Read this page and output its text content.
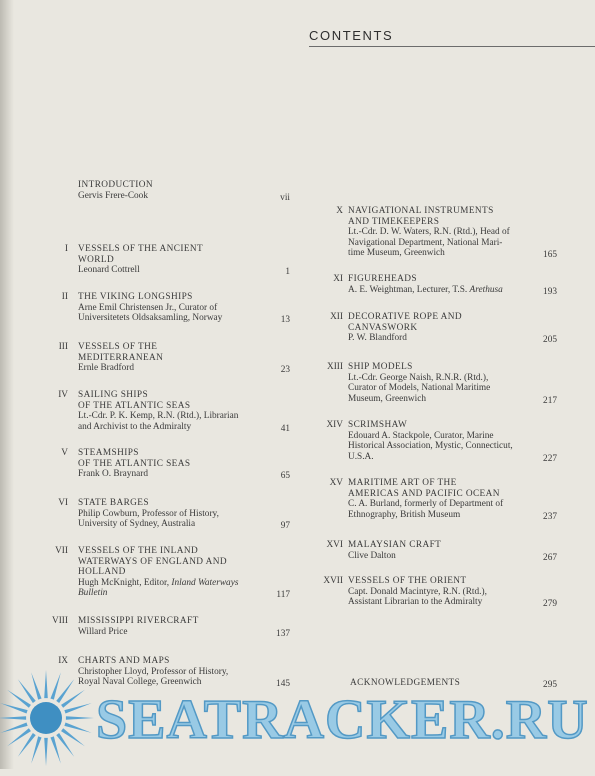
CONTENTS
INTRODUCTION
Gervis Frere-Cook	vii
I VESSELS OF THE ANCIENT
WORLD
Leonard Cottrell	1
II THE VIKING LONGSHIPS
Arne Emil Christensen Jr., Curator of
Universitetets Oldsaksamling, Norway	13
III VESSELS OF THE
MEDITERRANEAN
Ernle Bradford	23
IV SAILING SHIPS
OF THE ATLANTIC SEAS
Lt.-Cdr. P. K. Kemp, R.N. (Rtd.), Librarian
and Archivist to the Admiralty	41
V STEAMSHIPS
OF THE ATLANTIC SEAS
Frank O. Braynard	65
VI STATE BARGES
Philip Cowburn, Professor of History,
University of Sydney, Australia	97
VII VESSELS OF THE INLAND
WATERWAYS OF ENGLAND AND
HOLLAND
Hugh McKnight, Editor, Inland Waterways
Bulletin	117
VIII MISSISSIPPI RIVERCRAFT
Willard Price	137
IX CHARTS AND MAPS
Christopher Lloyd, Professor of History,
Royal Naval College, Greenwich	145
X NAVIGATIONAL INSTRUMENTS
AND TIMEKEEPERS
Lt.-Cdr. D. W. Waters, R.N. (Rtd.), Head of
Navigational Department, National Mari-
time Museum, Greenwich	165
XI FIGUREHEADS
A. E. Weightman, Lecturer, T.S. Arethusa	193
XII DECORATIVE ROPE AND
CANVASWORK
P. W. Blandford	205
XIII SHIP MODELS
Lt.-Cdr. George Naish, R.N.R. (Rtd.),
Curator of Models, National Maritime
Museum, Greenwich	217
XIV SCRIMSHAW
Edouard A. Stackpole, Curator, Marine
Historical Association, Mystic, Connecticut,
U.S.A.	227
XV MARITIME ART OF THE
AMERICAS AND PACIFIC OCEAN
C. A. Burland, formerly of Department of
Ethnography, British Museum	237
XVI MALAYSIAN CRAFT
Clive Dalton	267
XVII VESSELS OF THE ORIENT
Capt. Donald Macintyre, R.N. (Rtd.),
Assistant Librarian to the Admiralty	279
ACKNOWLEDGEMENTS	295
SEATRACKER.RU
